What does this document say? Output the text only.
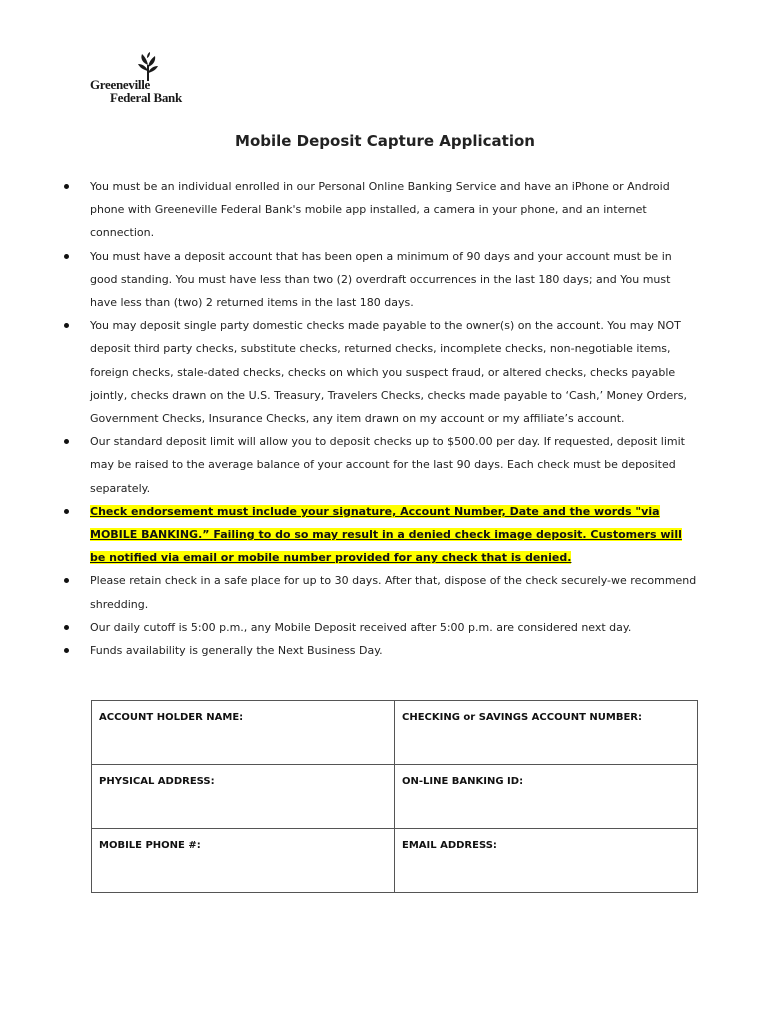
Greeneville
Federal Bank
Mobile Deposit Capture Application
You must be an individual enrolled in our Personal Online Banking Service and have an iPhone or Android phone with Greeneville Federal Bank's mobile app installed, a camera in your phone, and an internet connection.
You must have a deposit account that has been open a minimum of 90 days and your account must be in good standing. You must have less than two (2) overdraft occurrences in the last 180 days; and You must have less than (two) 2 returned items in the last 180 days.
You may deposit single party domestic checks made payable to the owner(s) on the account. You may NOT deposit third party checks, substitute checks, returned checks, incomplete checks, non-negotiable items, foreign checks, stale-dated checks, checks on which you suspect fraud, or altered checks, checks payable jointly, checks drawn on the U.S. Treasury, Travelers Checks, checks made payable to ‘Cash,’ Money Orders, Government Checks, Insurance Checks, any item drawn on my account or my affiliate’s account.
Our standard deposit limit will allow you to deposit checks up to $500.00 per day. If requested, deposit limit may be raised to the average balance of your account for the last 90 days. Each check must be deposited separately.
Check endorsement must include your signature, Account Number, Date and the words "via MOBILE BANKING.” Failing to do so may result in a denied check image deposit. Customers will be notified via email or mobile number provided for any check that is denied.
Please retain check in a safe place for up to 30 days. After that, dispose of the check securely-we recommend shredding.
Our daily cutoff is 5:00 p.m., any Mobile Deposit received after 5:00 p.m. are considered next day.
Funds availability is generally the Next Business Day.
ACCOUNT HOLDER NAME:	CHECKING or SAVINGS ACCOUNT NUMBER:
PHYSICAL ADDRESS:	ON-LINE BANKING ID:
MOBILE PHONE #:	EMAIL ADDRESS:
